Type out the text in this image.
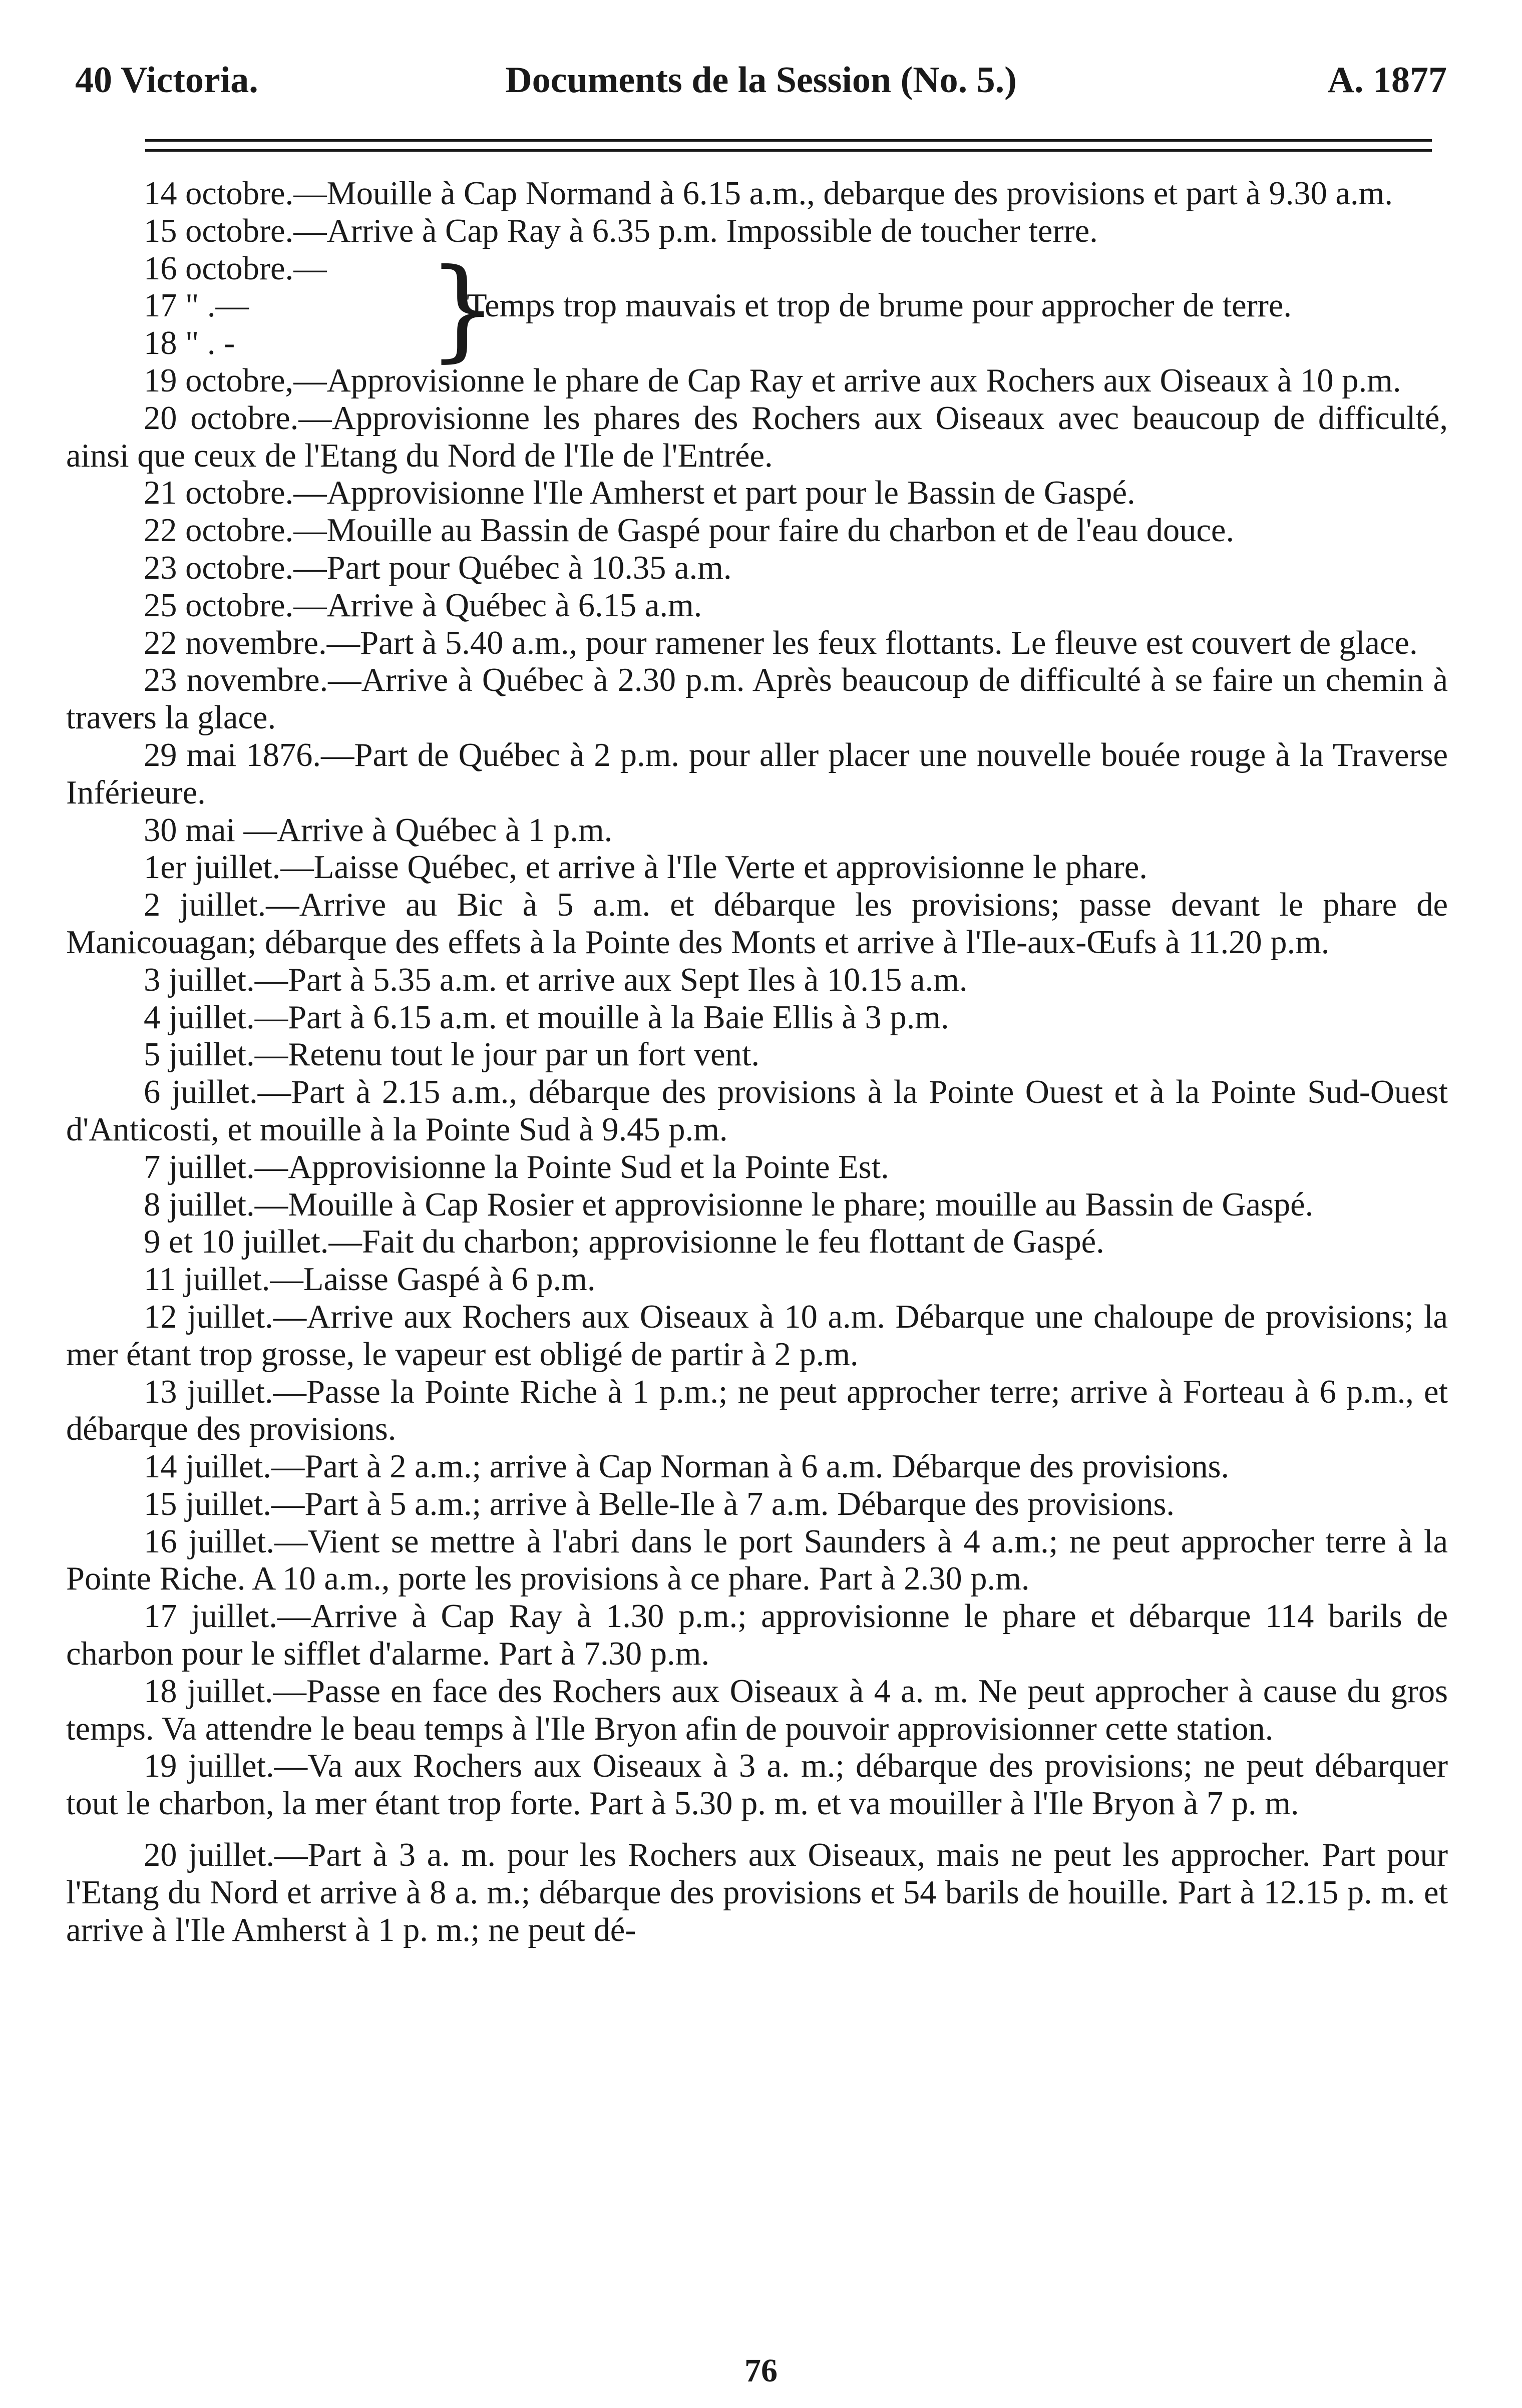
40 Victoria.	Documents de la Session (No. 5.)	A. 1877

14 octobre.—Mouille à Cap Normand à 6.15 a.m., debarque des provisions et part à 9.30 a.m.

15 octobre.—Arrive à Cap Ray à 6.35 p.m. Impossible de toucher terre.

16 octobre.—
17 " .—
18 " . -	}
Temps trop mauvais et trop de brume pour approcher de terre.

19 octobre,—Approvisionne le phare de Cap Ray et arrive aux Rochers aux Oiseaux à 10 p.m.

20 octobre.—Approvisionne les phares des Rochers aux Oiseaux avec beaucoup de difficulté, ainsi que ceux de l'Etang du Nord de l'Ile de l'Entrée.

21 octobre.—Approvisionne l'Ile Amherst et part pour le Bassin de Gaspé.

22 octobre.—Mouille au Bassin de Gaspé pour faire du charbon et de l'eau douce.

23 octobre.—Part pour Québec à 10.35 a.m.

25 octobre.—Arrive à Québec à 6.15 a.m.

22 novembre.—Part à 5.40 a.m., pour ramener les feux flottants. Le fleuve est couvert de glace.

23 novembre.—Arrive à Québec à 2.30 p.m. Après beaucoup de difficulté à se faire un chemin à travers la glace.

29 mai 1876.—Part de Québec à 2 p.m. pour aller placer une nouvelle bouée rouge à la Traverse Inférieure.

30 mai —Arrive à Québec à 1 p.m.

1er juillet.—Laisse Québec, et arrive à l'Ile Verte et approvisionne le phare.

2 juillet.—Arrive au Bic à 5 a.m. et débarque les provisions; passe devant le phare de Manicouagan; débarque des effets à la Pointe des Monts et arrive à l'Ile-aux-Œufs à 11.20 p.m.

3 juillet.—Part à 5.35 a.m. et arrive aux Sept Iles à 10.15 a.m.

4 juillet.—Part à 6.15 a.m. et mouille à la Baie Ellis à 3 p.m.

5 juillet.—Retenu tout le jour par un fort vent.

6 juillet.—Part à 2.15 a.m., débarque des provisions à la Pointe Ouest et à la Pointe Sud-Ouest d'Anticosti, et mouille à la Pointe Sud à 9.45 p.m.

7 juillet.—Approvisionne la Pointe Sud et la Pointe Est.

8 juillet.—Mouille à Cap Rosier et approvisionne le phare; mouille au Bassin de Gaspé.

9 et 10 juillet.—Fait du charbon; approvisionne le feu flottant de Gaspé.

11 juillet.—Laisse Gaspé à 6 p.m.

12 juillet.—Arrive aux Rochers aux Oiseaux à 10 a.m. Débarque une chaloupe de provisions; la mer étant trop grosse, le vapeur est obligé de partir à 2 p.m.

13 juillet.—Passe la Pointe Riche à 1 p.m.; ne peut approcher terre; arrive à Forteau à 6 p.m., et débarque des provisions.

14 juillet.—Part à 2 a.m.; arrive à Cap Norman à 6 a.m. Débarque des provisions.

15 juillet.—Part à 5 a.m.; arrive à Belle-Ile à 7 a.m. Débarque des provisions.

16 juillet.—Vient se mettre à l'abri dans le port Saunders à 4 a.m.; ne peut approcher terre à la Pointe Riche. A 10 a.m., porte les provisions à ce phare. Part à 2.30 p.m.

17 juillet.—Arrive à Cap Ray à 1.30 p.m.; approvisionne le phare et débarque 114 barils de charbon pour le sifflet d'alarme. Part à 7.30 p.m.

18 juillet.—Passe en face des Rochers aux Oiseaux à 4 a. m. Ne peut approcher à cause du gros temps. Va attendre le beau temps à l'Ile Bryon afin de pouvoir approvisionner cette station.

19 juillet.—Va aux Rochers aux Oiseaux à 3 a. m.; débarque des provisions; ne peut débarquer tout le charbon, la mer étant trop forte. Part à 5.30 p. m. et va mouiller à l'Ile Bryon à 7 p. m.

20 juillet.—Part à 3 a. m. pour les Rochers aux Oiseaux, mais ne peut les approcher. Part pour l'Etang du Nord et arrive à 8 a. m.; débarque des provisions et 54 barils de houille. Part à 12.15 p. m. et arrive à l'Ile Amherst à 1 p. m.; ne peut dé-

76
